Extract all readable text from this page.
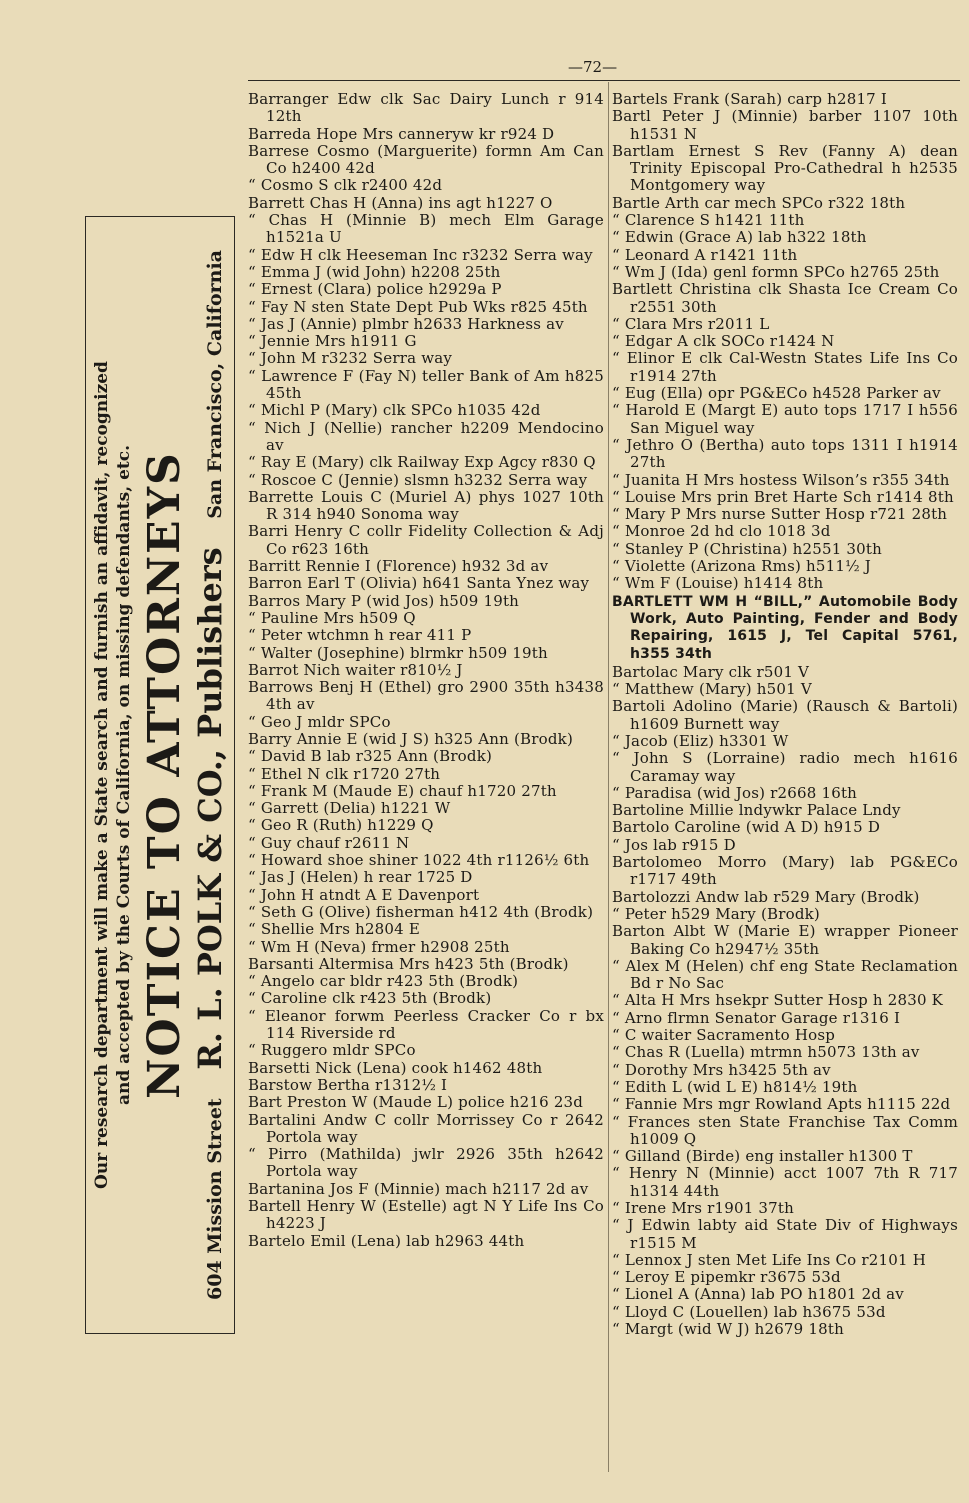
—72—
Our research department will make a State search and furnish an affidavit, recognized and accepted by the Courts of California, on missing defendants, etc. NOTICE TO ATTORNEYS
604 Mission Street
R. L. POLK & CO., Publishers
San Francisco, California
Barranger Edw clk Sac Dairy Lunch r 914 12th
Barreda Hope Mrs canneryw kr r924 D
Barrese Cosmo (Marguerite) formn Am Can Co h2400 42d
“ Cosmo S clk r2400 42d
Barrett Chas H (Anna) ins agt h1227 O
“ Chas H (Minnie B) mech Elm Garage h1521a U
“ Edw H clk Heeseman Inc r3232 Serra way
“ Emma J (wid John) h2208 25th
“ Ernest (Clara) police h2929a P
“ Fay N sten State Dept Pub Wks r825 45th
“ Jas J (Annie) plmbr h2633 Harkness av
“ Jennie Mrs h1911 G
“ John M r3232 Serra way
“ Lawrence F (Fay N) teller Bank of Am h825 45th
“ Michl P (Mary) clk SPCo h1035 42d
“ Nich J (Nellie) rancher h2209 Mendocino av
“ Ray E (Mary) clk Railway Exp Agcy r830 Q
“ Roscoe C (Jennie) slsmn h3232 Serra way
Barrette Louis C (Muriel A) phys 1027 10th R 314 h940 Sonoma way
Barri Henry C collr Fidelity Collection & Adj Co r623 16th
Barritt Rennie I (Florence) h932 3d av
Barron Earl T (Olivia) h641 Santa Ynez way
Barros Mary P (wid Jos) h509 19th
“ Pauline Mrs h509 Q
“ Peter wtchmn h rear 411 P
“ Walter (Josephine) blrmkr h509 19th
Barrot Nich waiter r810½ J
Barrows Benj H (Ethel) gro 2900 35th h3438 4th av
“ Geo J mldr SPCo
Barry Annie E (wid J S) h325 Ann (Brodk)
“ David B lab r325 Ann (Brodk)
“ Ethel N clk r1720 27th
“ Frank M (Maude E) chauf h1720 27th
“ Garrett (Delia) h1221 W
“ Geo R (Ruth) h1229 Q
“ Guy chauf r2611 N
“ Howard shoe shiner 1022 4th r1126½ 6th
“ Jas J (Helen) h rear 1725 D
“ John H atndt A E Davenport
“ Seth G (Olive) fisherman h412 4th (Brodk)
“ Shellie Mrs h2804 E
“ Wm H (Neva) frmer h2908 25th
Barsanti Altermisa Mrs h423 5th (Brodk)
“ Angelo car bldr r423 5th (Brodk)
“ Caroline clk r423 5th (Brodk)
“ Eleanor forwm Peerless Cracker Co r bx 114 Riverside rd
“ Ruggero mldr SPCo
Barsetti Nick (Lena) cook h1462 48th
Barstow Bertha r1312½ I
Bart Preston W (Maude L) police h216 23d
Bartalini Andw C collr Morrissey Co r 2642 Portola way
“ Pirro (Mathilda) jwlr 2926 35th h2642 Portola way
Bartanina Jos F (Minnie) mach h2117 2d av
Bartell Henry W (Estelle) agt N Y Life Ins Co h4223 J
Bartelo Emil (Lena) lab h2963 44th
Bartels Frank (Sarah) carp h2817 I
Bartl Peter J (Minnie) barber 1107 10th h1531 N
Bartlam Ernest S Rev (Fanny A) dean Trinity Episcopal Pro-Cathedral h h2535 Montgomery way
Bartle Arth car mech SPCo r322 18th
“ Clarence S h1421 11th
“ Edwin (Grace A) lab h322 18th
“ Leonard A r1421 11th
“ Wm J (Ida) genl formn SPCo h2765 25th
Bartlett Christina clk Shasta Ice Cream Co r2551 30th
“ Clara Mrs r2011 L
“ Edgar A clk SOCo r1424 N
“ Elinor E clk Cal-Westn States Life Ins Co r1914 27th
“ Eug (Ella) opr PG&ECo h4528 Parker av
“ Harold E (Margt E) auto tops 1717 I h556 San Miguel way
“ Jethro O (Bertha) auto tops 1311 I h1914 27th
“ Juanita H Mrs hostess Wilson’s r355 34th
“ Louise Mrs prin Bret Harte Sch r1414 8th
“ Mary P Mrs nurse Sutter Hosp r721 28th
“ Monroe 2d hd clo 1018 3d
“ Stanley P (Christina) h2551 30th
“ Violette (Arizona Rms) h511½ J
“ Wm F (Louise) h1414 8th
BARTLETT WM H “BILL,” Automobile Body Work, Auto Painting, Fender and Body Repairing, 1615 J, Tel Capital 5761, h355 34th
Bartolac Mary clk r501 V
“ Matthew (Mary) h501 V
Bartoli Adolino (Marie) (Rausch & Bartoli) h1609 Burnett way
“ Jacob (Eliz) h3301 W
“ John S (Lorraine) radio mech h1616 Caramay way
“ Paradisa (wid Jos) r2668 16th
Bartoline Millie lndywkr Palace Lndy
Bartolo Caroline (wid A D) h915 D
“ Jos lab r915 D
Bartolomeo Morro (Mary) lab PG&ECo r1717 49th
Bartolozzi Andw lab r529 Mary (Brodk)
“ Peter h529 Mary (Brodk)
Barton Albt W (Marie E) wrapper Pioneer Baking Co h2947½ 35th
“ Alex M (Helen) chf eng State Reclamation Bd r No Sac
“ Alta H Mrs hsekpr Sutter Hosp h 2830 K
“ Arno flrmn Senator Garage r1316 I
“ C waiter Sacramento Hosp
“ Chas R (Luella) mtrmn h5073 13th av
“ Dorothy Mrs h3425 5th av
“ Edith L (wid L E) h814½ 19th
“ Fannie Mrs mgr Rowland Apts h1115 22d
“ Frances sten State Franchise Tax Comm h1009 Q
“ Gilland (Birde) eng installer h1300 T
“ Henry N (Minnie) acct 1007 7th R 717 h1314 44th
“ Irene Mrs r1901 37th
“ J Edwin labty aid State Div of Highways r1515 M
“ Lennox J sten Met Life Ins Co r2101 H
“ Leroy E pipemkr r3675 53d
“ Lionel A (Anna) lab PO h1801 2d av
“ Lloyd C (Louellen) lab h3675 53d
“ Margt (wid W J) h2679 18th
